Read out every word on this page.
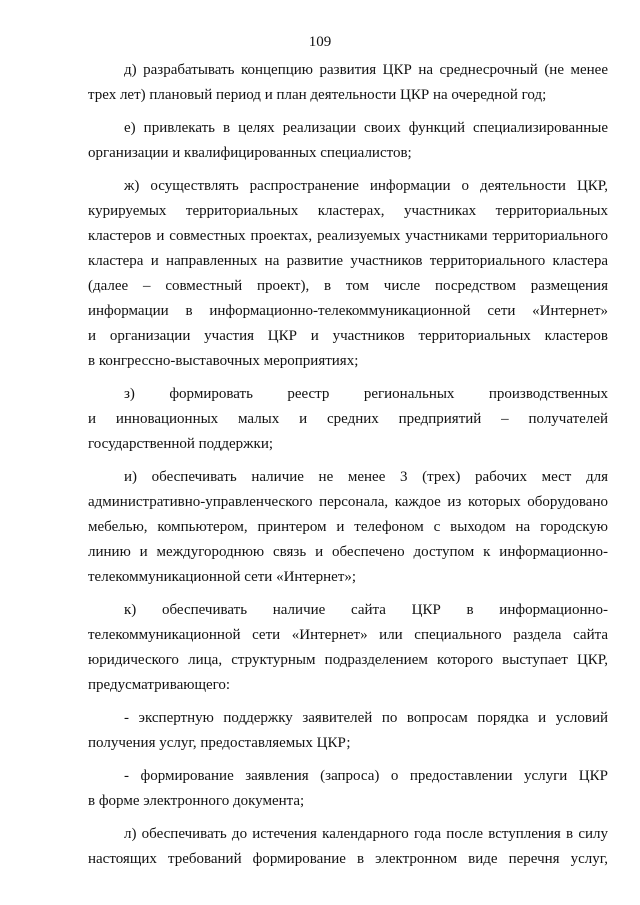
109

д) разрабатывать концепцию развития ЦКР на среднесрочный (не менее
трех лет) плановый период и план деятельности ЦКР на очередной год;

е) привлекать в целях реализации своих функций специализированные
организации и квалифицированных специалистов;

ж) осуществлять распространение информации о деятельности ЦКР,
курируемых территориальных кластерах, участниках территориальных
кластеров и совместных проектах, реализуемых участниками территориального
кластера и направленных на развитие участников территориального кластера
(далее – совместный проект), в том числе посредством размещения
информации в информационно-телекоммуникационной сети «Интернет»
и организации участия ЦКР и участников территориальных кластеров
в конгрессно-выставочных мероприятиях;

з) формировать реестр региональных производственных
и инновационных малых и средних предприятий – получателей
государственной поддержки;

и) обеспечивать наличие не менее 3 (трех) рабочих мест для
административно-управленческого персонала, каждое из которых оборудовано
мебелью, компьютером, принтером и телефоном с выходом на городскую
линию и междугороднюю связь и обеспечено доступом к информационно-
телекоммуникационной сети «Интернет»;

к) обеспечивать наличие сайта ЦКР в информационно-
телекоммуникационной сети «Интернет» или специального раздела сайта
юридического лица, структурным подразделением которого выступает ЦКР,
предусматривающего:

- экспертную поддержку заявителей по вопросам порядка и условий
получения услуг, предоставляемых ЦКР;

- формирование заявления (запроса) о предоставлении услуги ЦКР
в форме электронного документа;

л) обеспечивать до истечения календарного года после вступления в силу
настоящих требований формирование в электронном виде перечня услуг,
